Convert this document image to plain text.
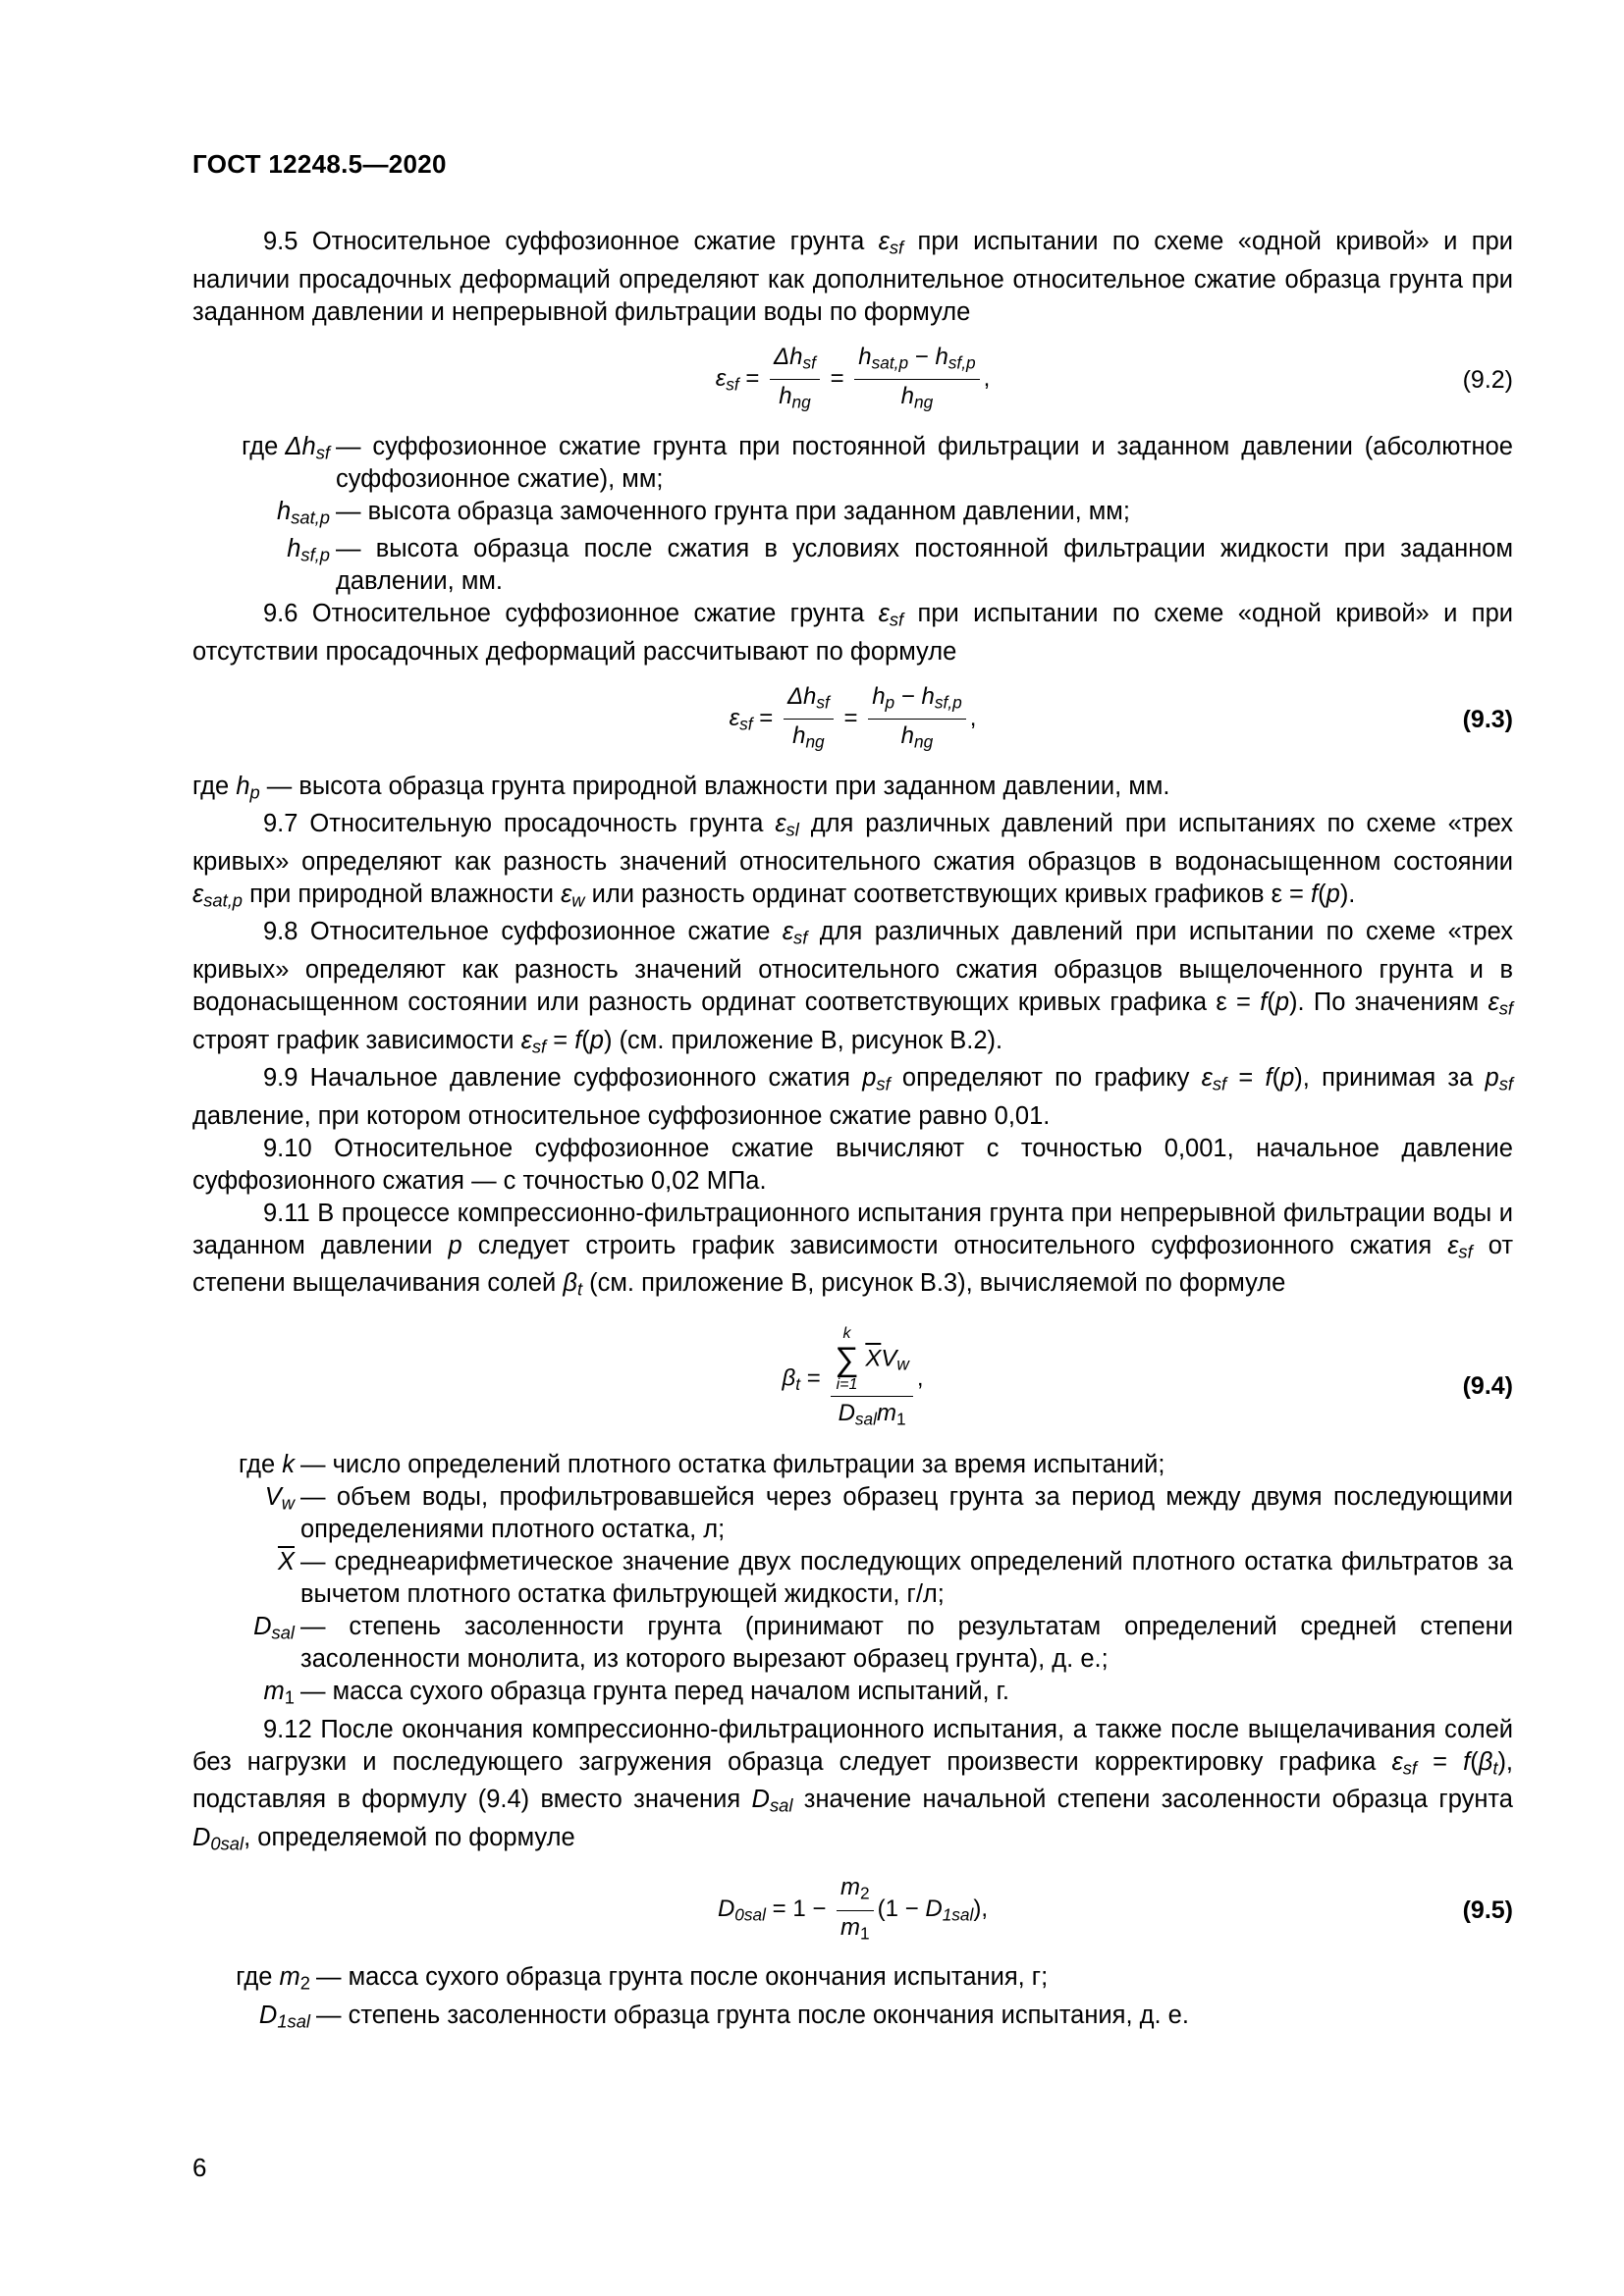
ГОСТ 12248.5—2020

9.5 Относительное суффозионное сжатие грунта $\varepsilon_{sf}$ при испытании по схеме «одной кривой» и при наличии просадочных деформаций определяют как дополнительное относительное сжатие образца грунта при заданном давлении и непрерывной фильтрации воды по формуле

$\varepsilon_{sf} = \frac{\Delta h_{sf}}{h_{ng}} = \frac{h_{sat,p} - h_{sf,p}}{h_{ng}}$ ,	(9.2)
где $\Delta h_{sf}$	— суффозионное сжатие грунта при постоянной фильтрации и заданном давлении (абсолютное суффозионное сжатие), мм;
$h_{sat,p}$	— высота образца замоченного грунта при заданном давлении, мм;
$h_{sf,p}$	— высота образца после сжатия в условиях постоянной фильтрации жидкости при заданном давлении, мм.

9.6 Относительное суффозионное сжатие грунта $\varepsilon_{sf}$ при испытании по схеме «одной кривой» и при отсутствии просадочных деформаций рассчитывают по формуле

$\varepsilon_{sf} = \frac{\Delta h_{sf}}{h_{ng}} = \frac{h_p - h_{sf,p}}{h_{ng}}$ ,	(9.3)

где $h_p$ — высота образца грунта природной влажности при заданном давлении, мм.

9.7 Относительную просадочность грунта $\varepsilon_{sl}$ для различных давлений при испытаниях по схеме «трех кривых» определяют как разность значений относительного сжатия образцов в водонасыщенном состоянии $\varepsilon_{sat,p}$ при природной влажности $\varepsilon_w$ или разность ординат соответствующих кривых графиков ε = f(p).

9.8 Относительное суффозионное сжатие $\varepsilon_{sf}$ для различных давлений при испытании по схеме «трех кривых» определяют как разность значений относительного сжатия образцов выщелоченного грунта и в водонасыщенном состоянии или разность ординат соответствующих кривых графика ε = f(p). По значениям $\varepsilon_{sf}$ строят график зависимости $\varepsilon_{sf} = f(p)$ (см. приложение В, рисунок В.2).

9.9 Начальное давление суффозионного сжатия $p_{sf}$ определяют по графику $\varepsilon_{sf} = f(p)$, принимая за $p_{sf}$ давление, при котором относительное суффозионное сжатие равно 0,01.

9.10 Относительное суффозионное сжатие вычисляют с точностью 0,001, начальное давление суффозионного сжатия — с точностью 0,02 МПа.

9.11 В процессе компрессионно-фильтрационного испытания грунта при непрерывной фильтрации воды и заданном давлении p следует строить график зависимости относительного суффозионного сжатия $\varepsilon_{sf}$ от степени выщелачивания солей $\beta_t$ (см. приложение В, рисунок В.3), вычисляемой по формуле

$\beta_t = k$
∑
i=1
$\overline{X}V_w$
$D_{sal}m_1$ ,	(9.4)
где k	— число определений плотного остатка фильтрации за время испытаний;
$V_w$	— объем воды, профильтровавшейся через образец грунта за период между двумя последующими определениями плотного остатка, л;
$\overline{X}$	— среднеарифметическое значение двух последующих определений плотного остатка фильтратов за вычетом плотного остатка фильтрующей жидкости, г/л;
$D_{sal}$	— степень засоленности грунта (принимают по результатам определений средней степени засоленности монолита, из которого вырезают образец грунта), д. е.;
$m_1$	— масса сухого образца грунта перед началом испытаний, г.

9.12 После окончания компрессионно-фильтрационного испытания, а также после выщелачивания солей без нагрузки и последующего загружения образца следует произвести корректировку графика $\varepsilon_{sf} = f(\beta_t)$, подставляя в формулу (9.4) вместо значения $D_{sal}$ значение начальной степени засоленности образца грунта $D_{0sal}$, определяемой по формуле

$D_{0sal} = 1 - \frac{m_2}{m_1} (1 - D_{1sal})$,	(9.5)
где $m_2$	— масса сухого образца грунта после окончания испытания, г;
$D_{1sal}$	— степень засоленности образца грунта после окончания испытания, д. е.
6
